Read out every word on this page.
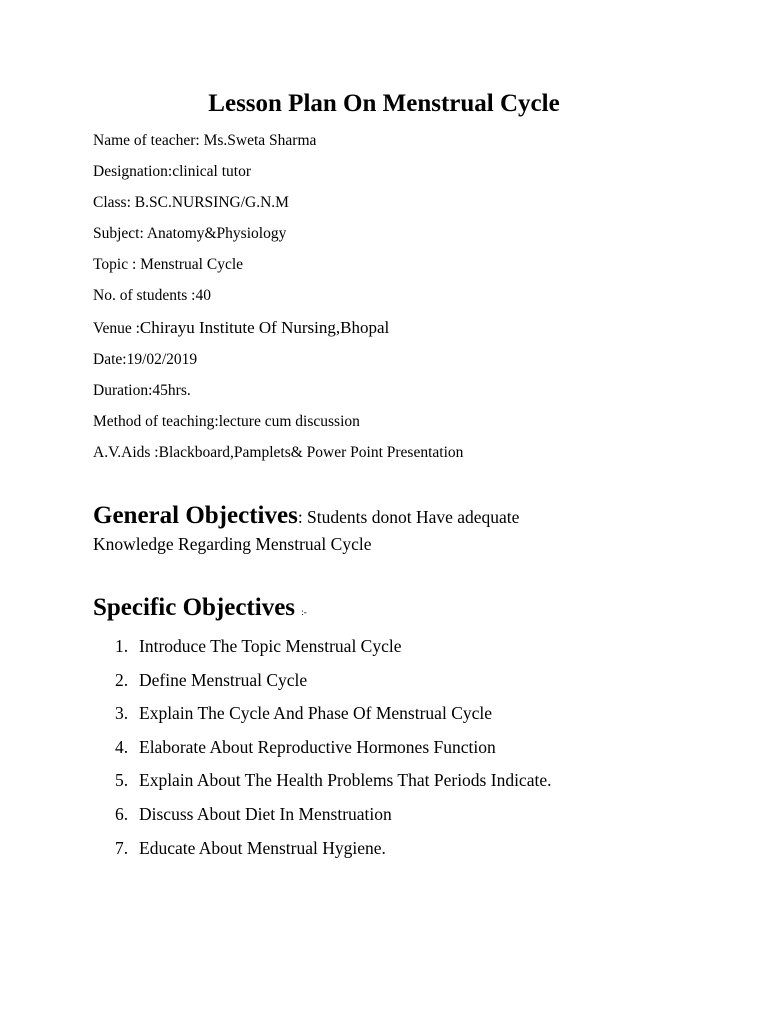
Lesson Plan On Menstrual Cycle
Name of teacher: Ms.Sweta Sharma
Designation:clinical tutor
Class: B.SC.NURSING/G.N.M
Subject: Anatomy&Physiology
Topic : Menstrual Cycle
No. of students :40
Venue :Chirayu Institute Of Nursing,Bhopal
Date:19/02/2019
Duration:45hrs.
Method of teaching:lecture cum discussion
A.V.Aids :Blackboard,Pamplets& Power Point Presentation
General Objectives: Students donot Have adequate
Knowledge Regarding Menstrual Cycle
Specific Objectives :-
1. Introduce The Topic Menstrual Cycle
2. Define Menstrual Cycle
3. Explain The Cycle And Phase Of Menstrual Cycle
4. Elaborate About Reproductive Hormones Function
5. Explain About The Health Problems That Periods Indicate.
6. Discuss About Diet In Menstruation
7. Educate About Menstrual Hygiene.
